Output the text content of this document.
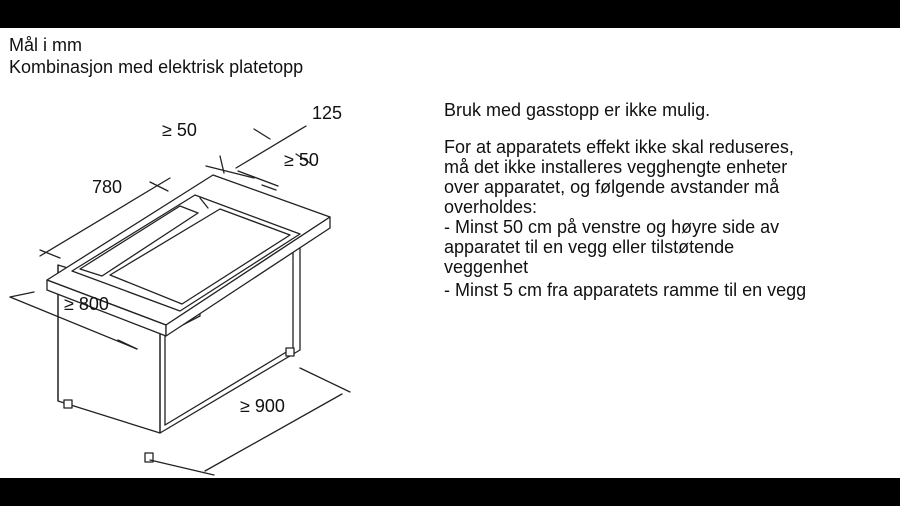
Mål i mm
Kombinasjon med elektrisk platetopp
125
≥ 50
≥ 50
780
≥ 800
≥ 900

Bruk med gasstopp er ikke mulig.

For at apparatets effekt ikke skal reduseres,

må det ikke installeres vegghengte enheter

over apparatet, og følgende avstander må

overholdes:

- Minst 50 cm på venstre og høyre side av

apparatet til en vegg eller tilstøtende

veggenhet

- Minst 5 cm fra apparatets ramme til en vegg
